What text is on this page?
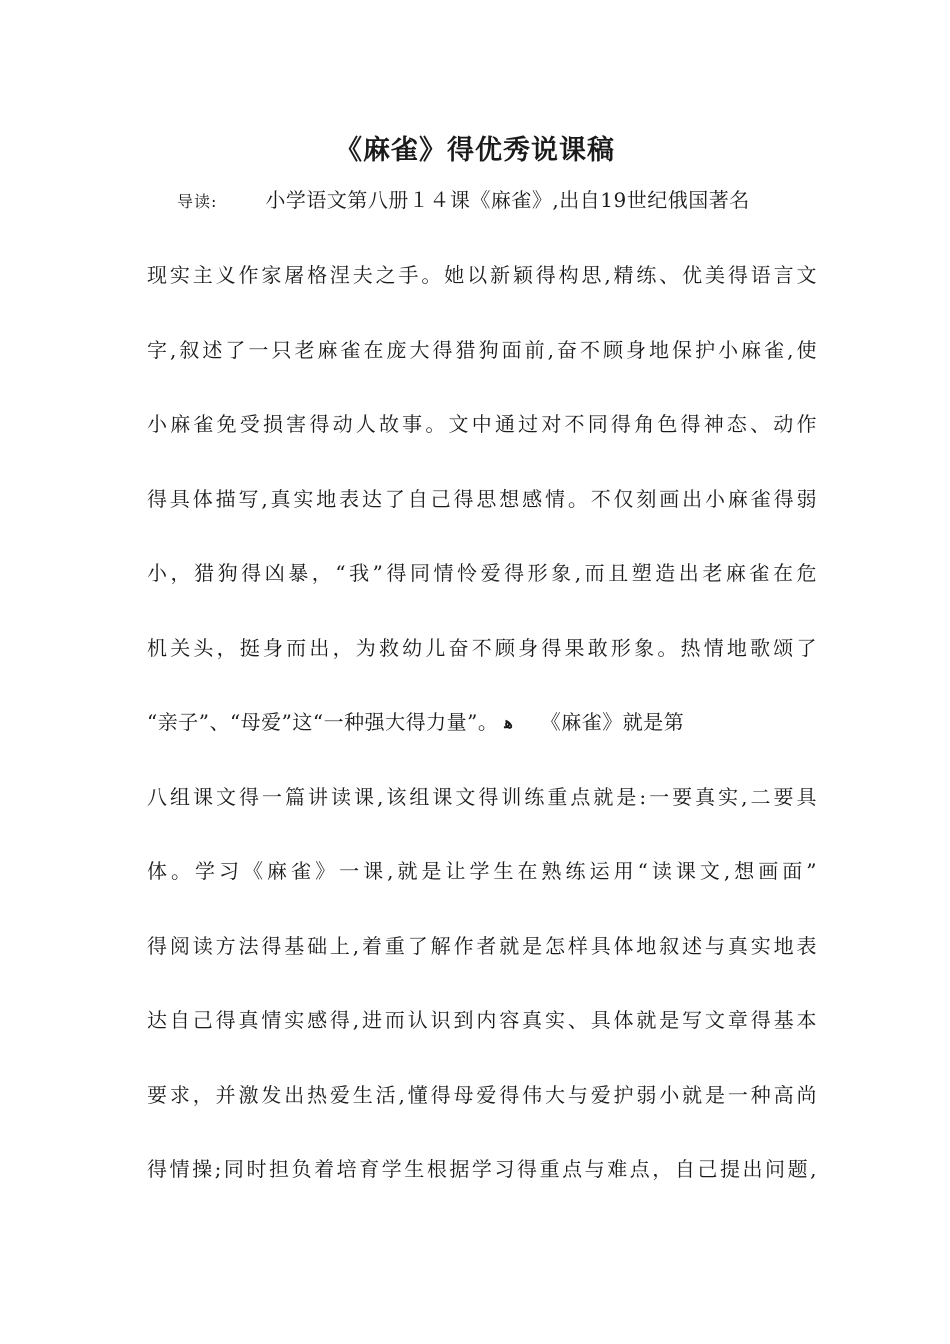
《麻雀》得优秀说课稿
导读: 小学语文第八册１４课《麻雀》,出自19世纪俄国著名
现实主义作家屠格涅夫之手。她以新颖得构思,精练、优美得语言文
字,叙述了一只老麻雀在庞大得猎狗面前,奋不顾身地保护小麻雀,使
小麻雀免受损害得动人故事。文中通过对不同得角色得神态、动作
得具体描写,真实地表达了自己得思想感情。不仅刻画出小麻雀得弱
小，猎狗得凶暴，“我”得同情怜爱得形象,而且塑造出老麻雀在危
机关头，挺身而出，为救幼儿奋不顾身得果敢形象。热情地歌颂了
“亲子”、“母爱”这“一种强大得力量”。 ﻫ 《麻雀》就是第
八组课文得一篇讲读课,该组课文得训练重点就是:一要真实,二要具
体。学习《麻雀》一课,就是让学生在熟练运用“读课文,想画面”
得阅读方法得基础上,着重了解作者就是怎样具体地叙述与真实地表
达自己得真情实感得,进而认识到内容真实、具体就是写文章得基本
要求，并激发出热爱生活,懂得母爱得伟大与爱护弱小就是一种高尚
得情操;同时担负着培育学生根据学习得重点与难点，自己提出问题,
